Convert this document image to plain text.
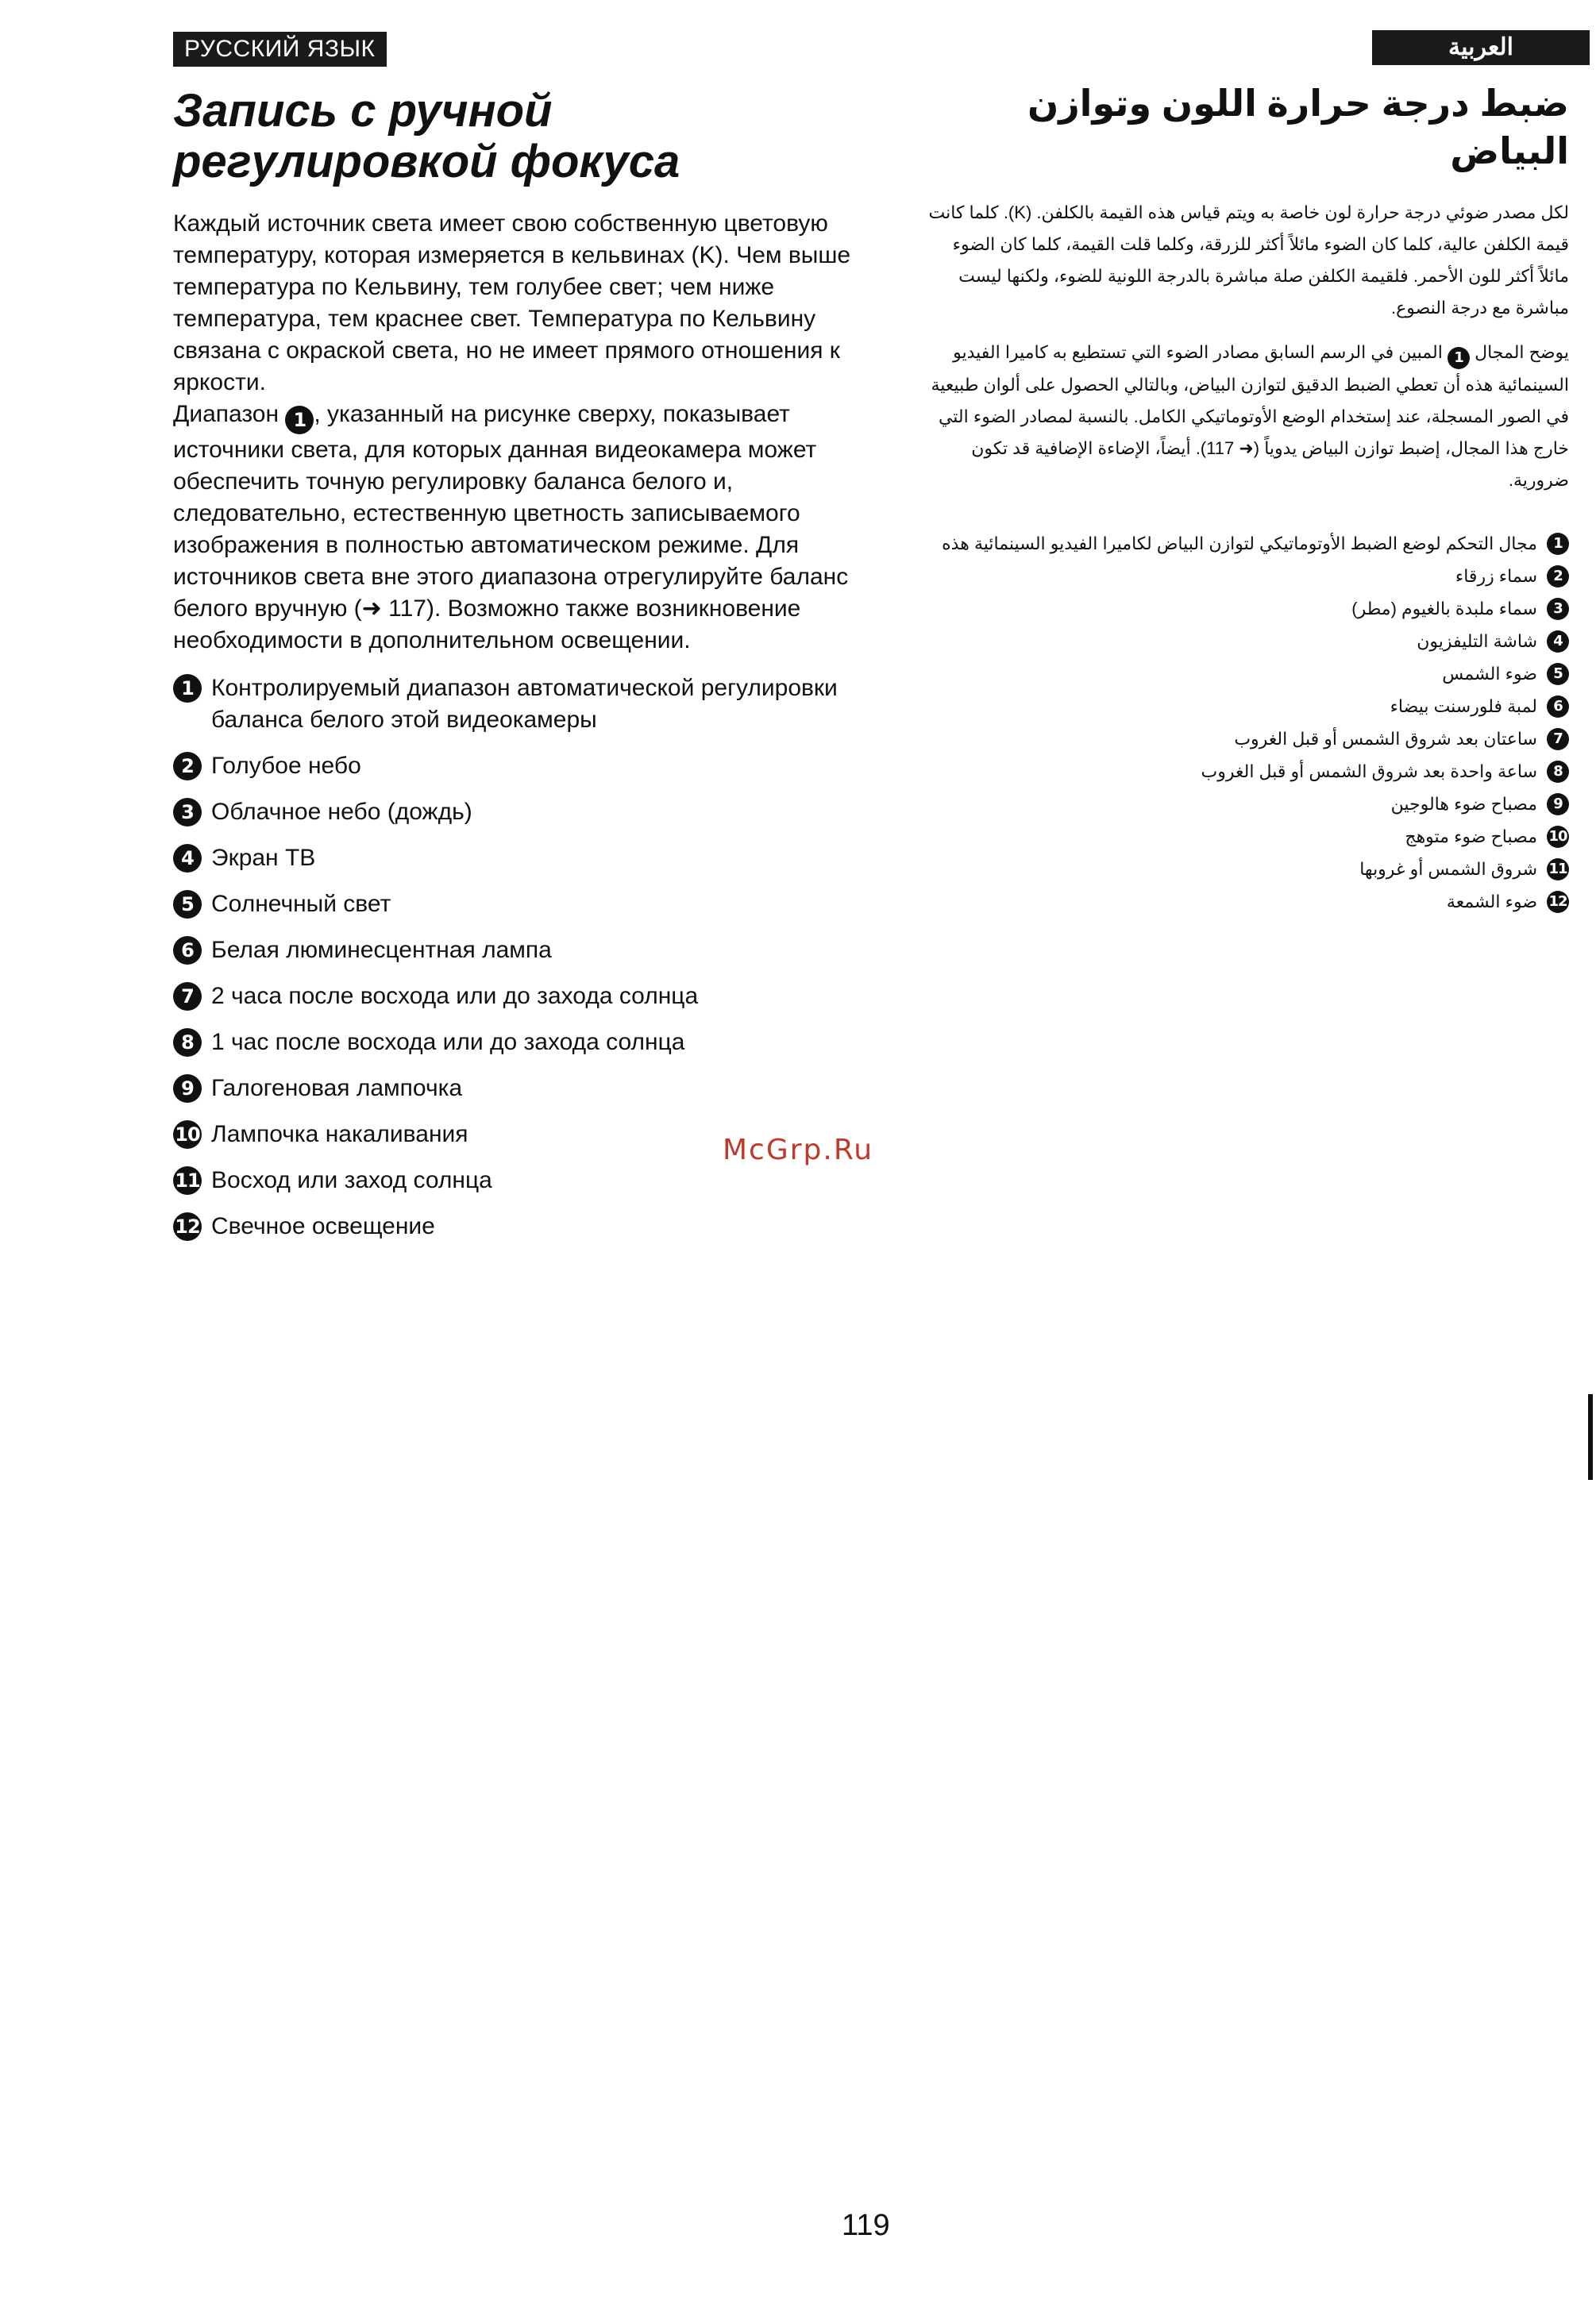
РУССКИЙ ЯЗЫК	العربية
Запись с ручной
регулировкой фокуса

Каждый источник света имеет свою собственную цветовую температуру, которая измеряется в кельвинах (K). Чем выше температура по Кельвину, тем голубее свет; чем ниже температура, тем краснее свет. Температура по Кельвину связана с окраской света, но не имеет прямого отношения к яркости.

Диапазон 1 , указанный на рисунке сверху, показывает источники света, для которых данная видеокамера может обеспечить точную регулировку баланса белого и, следовательно, естественную цветность записываемого изображения в полностью автоматическом режиме. Для источников света вне этого диапазона отрегулируйте баланс белого вручную (➜ 117). Возможно также возникновение необходимости в дополнительном освещении.

1 Контролируемый диапазон автоматической регулировки баланса белого этой видеокамеры
2 Голубое небо
3 Облачное небо (дождь)
4 Экран ТВ
5 Солнечный свет
6 Белая люминесцентная лампа
7 2 часа после восхода или до захода солнца
8 1 час после восхода или до захода солнца
9 Галогеновая лампочка
10 Лампочка накаливания
11 Восход или заход солнца
12 Свечное освещение
ضبط درجة حرارة اللون وتوازن البياض

لكل مصدر ضوئي درجة حرارة لون خاصة به ويتم قياس هذه القيمة بالكلفن. (K). كلما كانت قيمة الكلفن عالية، كلما كان الضوء مائلاً أكثر للزرقة، وكلما قلت القيمة، كلما كان الضوء مائلاً أكثر للون الأحمر. فلقيمة الكلفن صلة مباشرة بالدرجة اللونية للضوء، ولكنها ليست مباشرة مع درجة النصوع.

يوضح المجال 1 المبين في الرسم السابق مصادر الضوء التي تستطيع به كاميرا الفيديو السينمائية هذه أن تعطي الضبط الدقيق لتوازن البياض، وبالتالي الحصول على ألوان طبيعية في الصور المسجلة، عند إستخدام الوضع الأوتوماتيكي الكامل. بالنسبة لمصادر الضوء التي خارج هذا المجال، إضبط توازن البياض يدوياً (➜ 117). أيضاً، الإضاءة الإضافية قد تكون ضرورية.

1
مجال التحكم لوضع الضبط الأوتوماتيكي لتوازن البياض لكاميرا الفيديو السينمائية هذه
2
سماء زرقاء
3
سماء ملبدة بالغيوم (مطر)
4
شاشة التليفزيون
5
ضوء الشمس
6
لمبة فلورسنت بيضاء
7
ساعتان بعد شروق الشمس أو قبل الغروب
8
ساعة واحدة بعد شروق الشمس أو قبل الغروب
9
مصباح ضوء هالوجين
10
مصباح ضوء متوهج
11
شروق الشمس أو غروبها
12
ضوء الشمعة
McGrp.Ru
119
